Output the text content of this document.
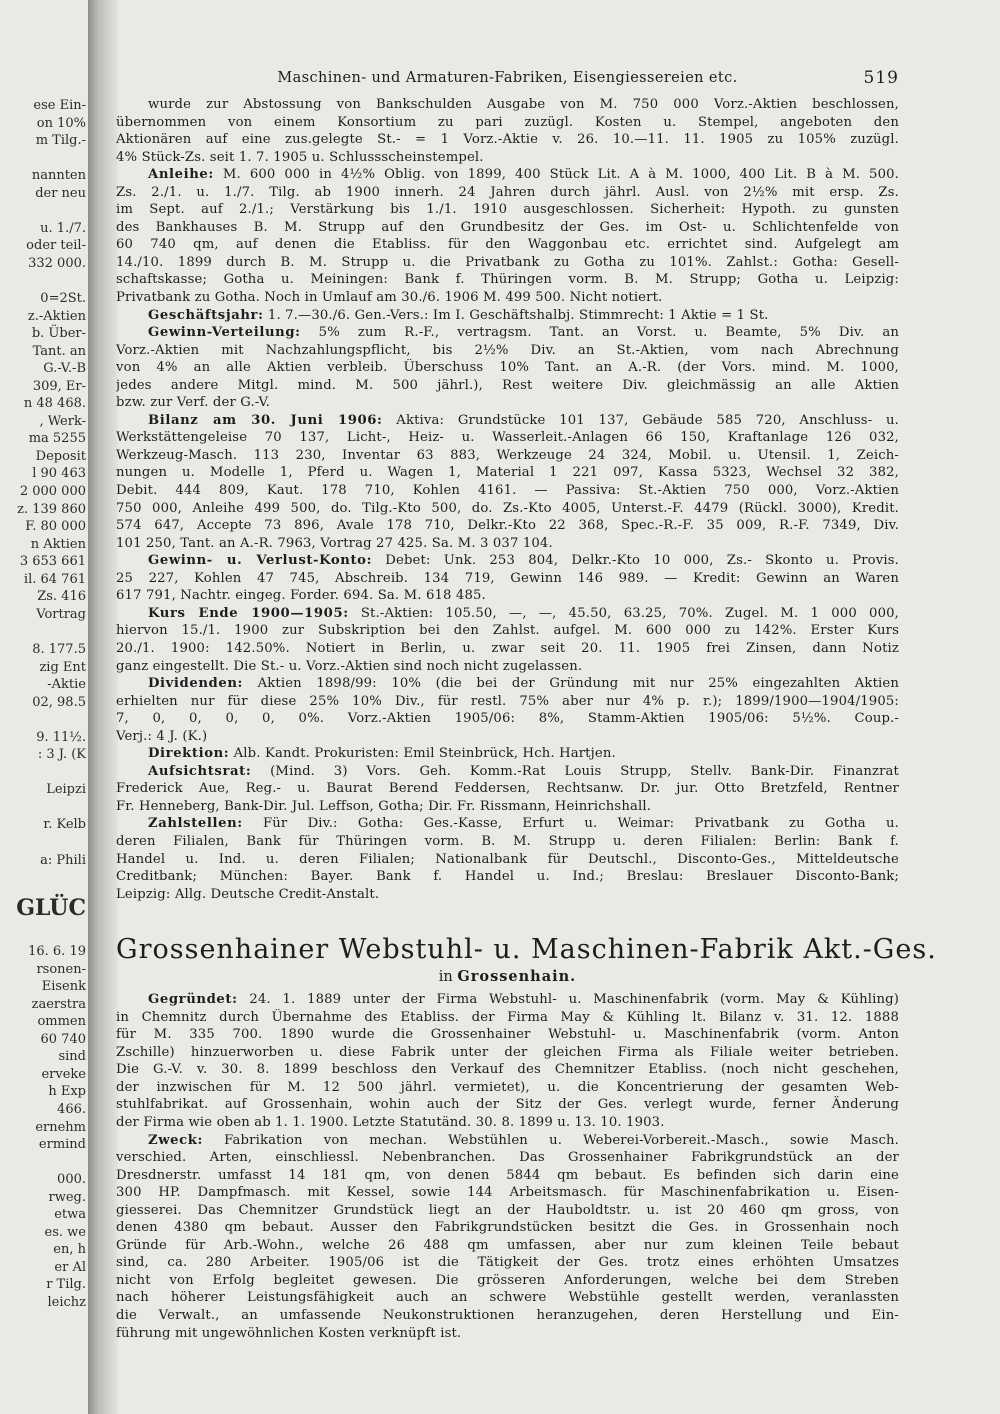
ese Ein-
on 10%
m Tilg.-

nannten
der neu

u. 1./7.
oder teil-
332 000.

0=2St.
z.-Aktien
b. Über-
Tant. an
G.-V.-B
309, Er-
n 48 468.
, Werk-
ma 5255
Deposit
l 90 463
2 000 000
z. 139 860
F. 80 000
n Aktien
3 653 661
il. 64 761
Zs. 416
Vortrag

8. 177.5
zig Ent
-Aktie
02, 98.5

9. 11½.
: 3 J. (K

Leipzi

r. Kelb

a: Phili
GLÜC
16. 6. 19
rsonen-
Eisenk
zaerstra
ommen
60 740
sind
erveke
h Exp
466.
ernehm
ermind

000.
rweg.
etwa
es. we
en, h
er Al
r Tilg.
leichz
Maschinen- und Armaturen-Fabriken, Eisengiessereien etc.	519
wurde zur Abstossung von Bankschulden Ausgabe von M. 750 000 Vorz.-Aktien beschlossen,
übernommen von einem Konsortium zu pari zuzügl. Kosten u. Stempel, angeboten den
Aktionären auf eine zus.gelegte St.- = 1 Vorz.-Aktie v. 26. 10.—11. 11. 1905 zu 105% zuzügl.
4% Stück-Zs. seit 1. 7. 1905 u. Schlussscheinstempel.
Anleihe: M. 600 000 in 4½% Oblig. von 1899, 400 Stück Lit. A à M. 1000, 400 Lit. B à M. 500.
Zs. 2./1. u. 1./7. Tilg. ab 1900 innerh. 24 Jahren durch jährl. Ausl. von 2½% mit ersp. Zs.
im Sept. auf 2./1.; Verstärkung bis 1./1. 1910 ausgeschlossen. Sicherheit: Hypoth. zu gunsten
des Bankhauses B. M. Strupp auf den Grundbesitz der Ges. im Ost- u. Schlichtenfelde von
60 740 qm, auf denen die Etabliss. für den Waggonbau etc. errichtet sind. Aufgelegt am
14./10. 1899 durch B. M. Strupp u. die Privatbank zu Gotha zu 101%. Zahlst.: Gotha: Gesell-
schaftskasse; Gotha u. Meiningen: Bank f. Thüringen vorm. B. M. Strupp; Gotha u. Leipzig:
Privatbank zu Gotha. Noch in Umlauf am 30./6. 1906 M. 499 500. Nicht notiert.
Geschäftsjahr: 1. 7.—30./6. Gen.-Vers.: Im I. Geschäftshalbj. Stimmrecht: 1 Aktie = 1 St.
Gewinn-Verteilung: 5% zum R.-F., vertragsm. Tant. an Vorst. u. Beamte, 5% Div. an
Vorz.-Aktien mit Nachzahlungspflicht, bis 2½% Div. an St.-Aktien, vom nach Abrechnung
von 4% an alle Aktien verbleib. Überschuss 10% Tant. an A.-R. (der Vors. mind. M. 1000,
jedes andere Mitgl. mind. M. 500 jährl.), Rest weitere Div. gleichmässig an alle Aktien
bzw. zur Verf. der G.-V.
Bilanz am 30. Juni 1906: Aktiva: Grundstücke 101 137, Gebäude 585 720, Anschluss- u.
Werkstättengeleise 70 137, Licht-, Heiz- u. Wasserleit.-Anlagen 66 150, Kraftanlage 126 032,
Werkzeug-Masch. 113 230, Inventar 63 883, Werkzeuge 24 324, Mobil. u. Utensil. 1, Zeich-
nungen u. Modelle 1, Pferd u. Wagen 1, Material 1 221 097, Kassa 5323, Wechsel 32 382,
Debit. 444 809, Kaut. 178 710, Kohlen 4161. — Passiva: St.-Aktien 750 000, Vorz.-Aktien
750 000, Anleihe 499 500, do. Tilg.-Kto 500, do. Zs.-Kto 4005, Unterst.-F. 4479 (Rückl. 3000), Kredit.
574 647, Accepte 73 896, Avale 178 710, Delkr.-Kto 22 368, Spec.-R.-F. 35 009, R.-F. 7349, Div.
101 250, Tant. an A.-R. 7963, Vortrag 27 425. Sa. M. 3 037 104.
Gewinn- u. Verlust-Konto: Debet: Unk. 253 804, Delkr.-Kto 10 000, Zs.- Skonto u. Provis.
25 227, Kohlen 47 745, Abschreib. 134 719, Gewinn 146 989. — Kredit: Gewinn an Waren
617 791, Nachtr. eingeg. Forder. 694. Sa. M. 618 485.
Kurs Ende 1900—1905: St.-Aktien: 105.50, —, —, 45.50, 63.25, 70%. Zugel. M. 1 000 000,
hiervon 15./1. 1900 zur Subskription bei den Zahlst. aufgel. M. 600 000 zu 142%. Erster Kurs
20./1. 1900: 142.50%. Notiert in Berlin, u. zwar seit 20. 11. 1905 frei Zinsen, dann Notiz
ganz eingestellt. Die St.- u. Vorz.-Aktien sind noch nicht zugelassen.
Dividenden: Aktien 1898/99: 10% (die bei der Gründung mit nur 25% eingezahlten Aktien
erhielten nur für diese 25% 10% Div., für restl. 75% aber nur 4% p. r.); 1899/1900—1904/1905:
7, 0, 0, 0, 0, 0%. Vorz.-Aktien 1905/06: 8%, Stamm-Aktien 1905/06: 5½%. Coup.-
Verj.: 4 J. (K.)
Direktion: Alb. Kandt. Prokuristen: Emil Steinbrück, Hch. Hartjen.
Aufsichtsrat: (Mind. 3) Vors. Geh. Komm.-Rat Louis Strupp, Stellv. Bank-Dir. Finanzrat
Frederick Aue, Reg.- u. Baurat Berend Feddersen, Rechtsanw. Dr. jur. Otto Bretzfeld, Rentner
Fr. Henneberg, Bank-Dir. Jul. Leffson, Gotha; Dir. Fr. Rissmann, Heinrichshall.
Zahlstellen: Für Div.: Gotha: Ges.-Kasse, Erfurt u. Weimar: Privatbank zu Gotha u.
deren Filialen, Bank für Thüringen vorm. B. M. Strupp u. deren Filialen: Berlin: Bank f.
Handel u. Ind. u. deren Filialen; Nationalbank für Deutschl., Disconto-Ges., Mitteldeutsche
Creditbank; München: Bayer. Bank f. Handel u. Ind.; Breslau: Breslauer Disconto-Bank;
Leipzig: Allg. Deutsche Credit-Anstalt.
Grossenhainer Webstuhl- u. Maschinen-Fabrik Akt.-Ges.
in Grossenhain.
Gegründet: 24. 1. 1889 unter der Firma Webstuhl- u. Maschinenfabrik (vorm. May & Kühling)
in Chemnitz durch Übernahme des Etabliss. der Firma May & Kühling lt. Bilanz v. 31. 12. 1888
für M. 335 700. 1890 wurde die Grossenhainer Webstuhl- u. Maschinenfabrik (vorm. Anton
Zschille) hinzuerworben u. diese Fabrik unter der gleichen Firma als Filiale weiter betrieben.
Die G.-V. v. 30. 8. 1899 beschloss den Verkauf des Chemnitzer Etabliss. (noch nicht geschehen,
der inzwischen für M. 12 500 jährl. vermietet), u. die Koncentrierung der gesamten Web-
stuhlfabrikat. auf Grossenhain, wohin auch der Sitz der Ges. verlegt wurde, ferner Änderung
der Firma wie oben ab 1. 1. 1900. Letzte Statutänd. 30. 8. 1899 u. 13. 10. 1903.
Zweck: Fabrikation von mechan. Webstühlen u. Weberei-Vorbereit.-Masch., sowie Masch.
verschied. Arten, einschliessl. Nebenbranchen. Das Grossenhainer Fabrikgrundstück an der
Dresdnerstr. umfasst 14 181 qm, von denen 5844 qm bebaut. Es befinden sich darin eine
300 HP. Dampfmasch. mit Kessel, sowie 144 Arbeitsmasch. für Maschinenfabrikation u. Eisen-
giesserei. Das Chemnitzer Grundstück liegt an der Hauboldtstr. u. ist 20 460 qm gross, von
denen 4380 qm bebaut. Ausser den Fabrikgrundstücken besitzt die Ges. in Grossenhain noch
Gründe für Arb.-Wohn., welche 26 488 qm umfassen, aber nur zum kleinen Teile bebaut
sind, ca. 280 Arbeiter. 1905/06 ist die Tätigkeit der Ges. trotz eines erhöhten Umsatzes
nicht von Erfolg begleitet gewesen. Die grösseren Anforderungen, welche bei dem Streben
nach höherer Leistungsfähigkeit auch an schwere Webstühle gestellt werden, veranlassten
die Verwalt., an umfassende Neukonstruktionen heranzugehen, deren Herstellung und Ein-
führung mit ungewöhnlichen Kosten verknüpft ist.
